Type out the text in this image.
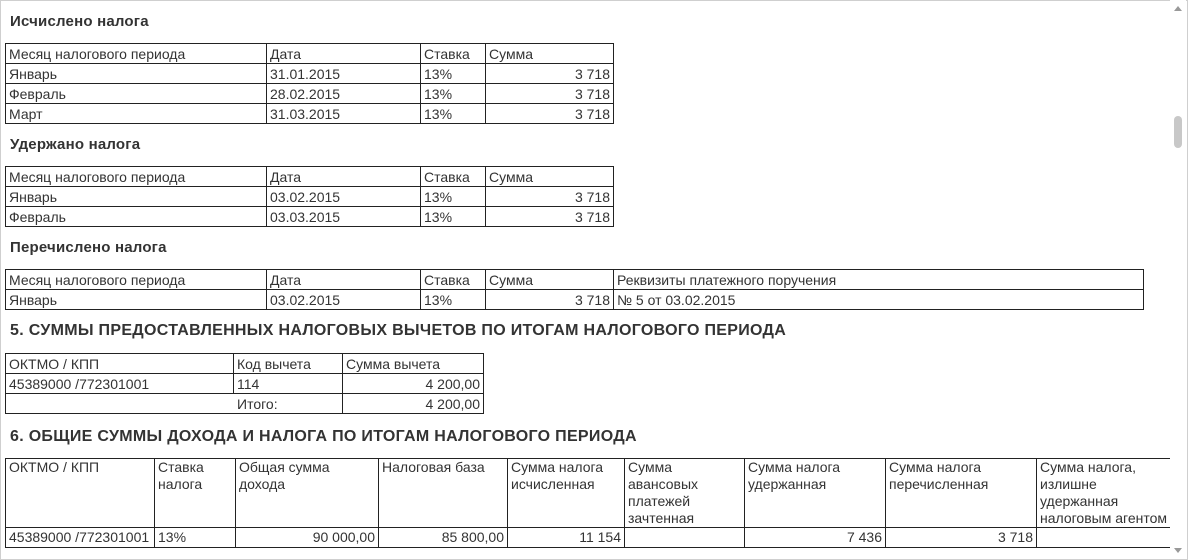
Исчислено налога
Месяц налогового периода	Дата	Ставка	Сумма
Январь	31.01.2015	13%	3 718
Февраль	28.02.2015	13%	3 718
Март	31.03.2015	13%	3 718
Удержано налога
Месяц налогового периода	Дата	Ставка	Сумма
Январь	03.02.2015	13%	3 718
Февраль	03.03.2015	13%	3 718
Перечислено налога
Месяц налогового периода	Дата	Ставка	Сумма	Реквизиты платежного поручения
Январь	03.02.2015	13%	3 718	№ 5 от 03.02.2015
5. СУММЫ ПРЕДОСТАВЛЕННЫХ НАЛОГОВЫХ ВЫЧЕТОВ ПО ИТОГАМ НАЛОГОВОГО ПЕРИОДА
ОКТМО / КПП	Код вычета	Сумма вычета
45389000 /772301001	114	4 200,00
	Итого:	4 200,00
6. ОБЩИЕ СУММЫ ДОХОДА И НАЛОГА ПО ИТОГАМ НАЛОГОВОГО ПЕРИОДА
ОКТМО / КПП	Ставка налога	Общая сумма дохода	Налоговая база	Сумма налога исчисленная	Сумма авансовых платежей зачтенная	Сумма налога удержанная	Сумма налога перечисленная	Сумма налога, излишне удержанная налоговым агентом
45389000 /772301001	13%	90 000,00	85 800,00	11 154		7 436	3 718	
